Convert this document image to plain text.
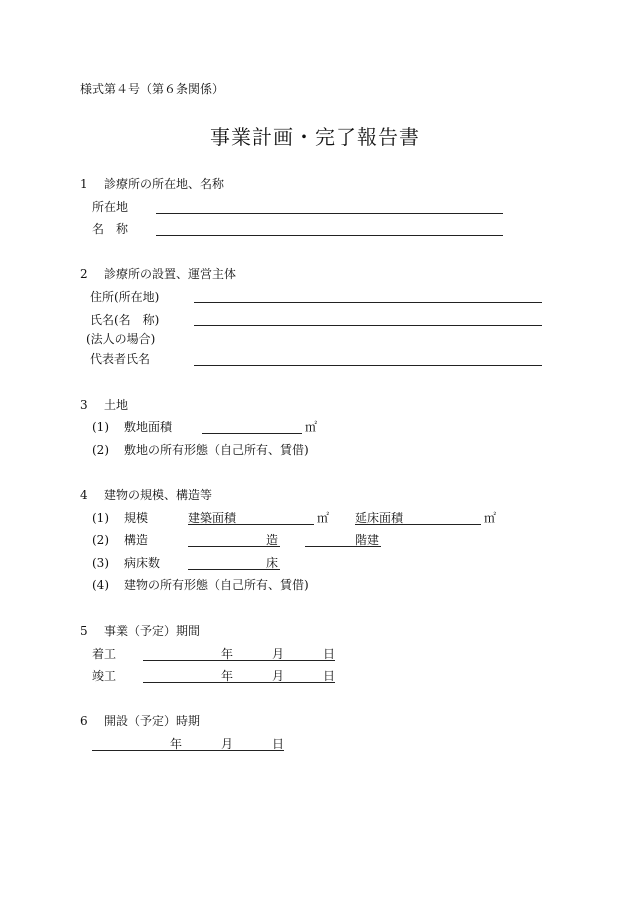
様式第４号（第６条関係）
事業計画・完了報告書
1 診療所の所在地、名称
所在地
名　称
2 診療所の設置、運営主体
住所(所在地)
氏名(名　称)
(法人の場合)
代表者氏名
3 土地
(1) 敷地面積	㎡
(2) 敷地の所有形態（自己所有、賃借)
4 建物の規模、構造等
(1) 規模	建築面積	㎡ 延床面積	㎡
(2) 構造	造	階建
(3) 病床数	床
(4) 建物の所有形態（自己所有、賃借)
5 事業（予定）期間
着工	年	月	日
竣工	年	月	日
6 開設（予定）時期
年	月	日
